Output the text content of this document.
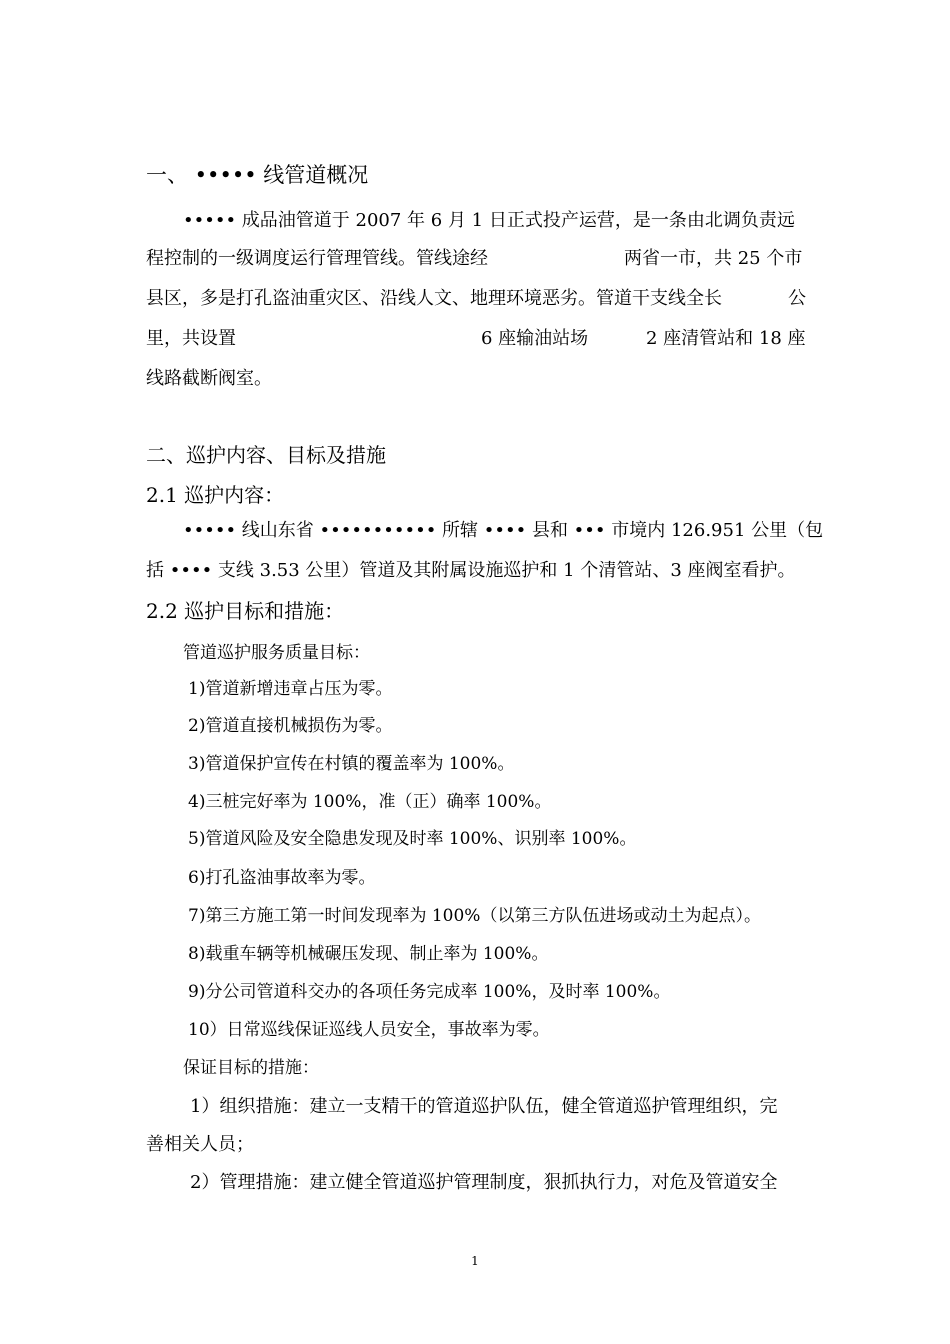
一、 ••••• 线管道概况
••••• 成品油管道于 2007 年 6 月 1 日正式投产运营，是一条由北调负责远
程控制的一级调度运行管理管线。管线途经	两省一市，共 25 个市
县区，多是打孔盗油重灾区、沿线人文、地理环境恶劣。管道干支线全长	公
里，共设置	6 座输油站场	2 座清管站和 18 座
线路截断阀室。
二、巡护内容、目标及措施
2.1 巡护内容：
••••• 线山东省 ••••••••••• 所辖 •••• 县和 ••• 市境内 126.951 公里（包
括 •••• 支线 3.53 公里）管道及其附属设施巡护和 1 个清管站、3 座阀室看护。
2.2 巡护目标和措施：
管道巡护服务质量目标：
1)管道新增违章占压为零。
2)管道直接机械损伤为零。
3)管道保护宣传在村镇的覆盖率为 100%。
4)三桩完好率为 100%，准（正）确率 100%。
5)管道风险及安全隐患发现及时率 100%、识别率 100%。
6)打孔盗油事故率为零。
7)第三方施工第一时间发现率为 100%（以第三方队伍进场或动土为起点）。
8)载重车辆等机械碾压发现、制止率为 100%。
9)分公司管道科交办的各项任务完成率 100%，及时率 100%。
10）日常巡线保证巡线人员安全，事故率为零。
保证目标的措施：
1）组织措施：建立一支精干的管道巡护队伍，健全管道巡护管理组织，完
善相关人员；
2）管理措施：建立健全管道巡护管理制度，狠抓执行力，对危及管道安全
1
